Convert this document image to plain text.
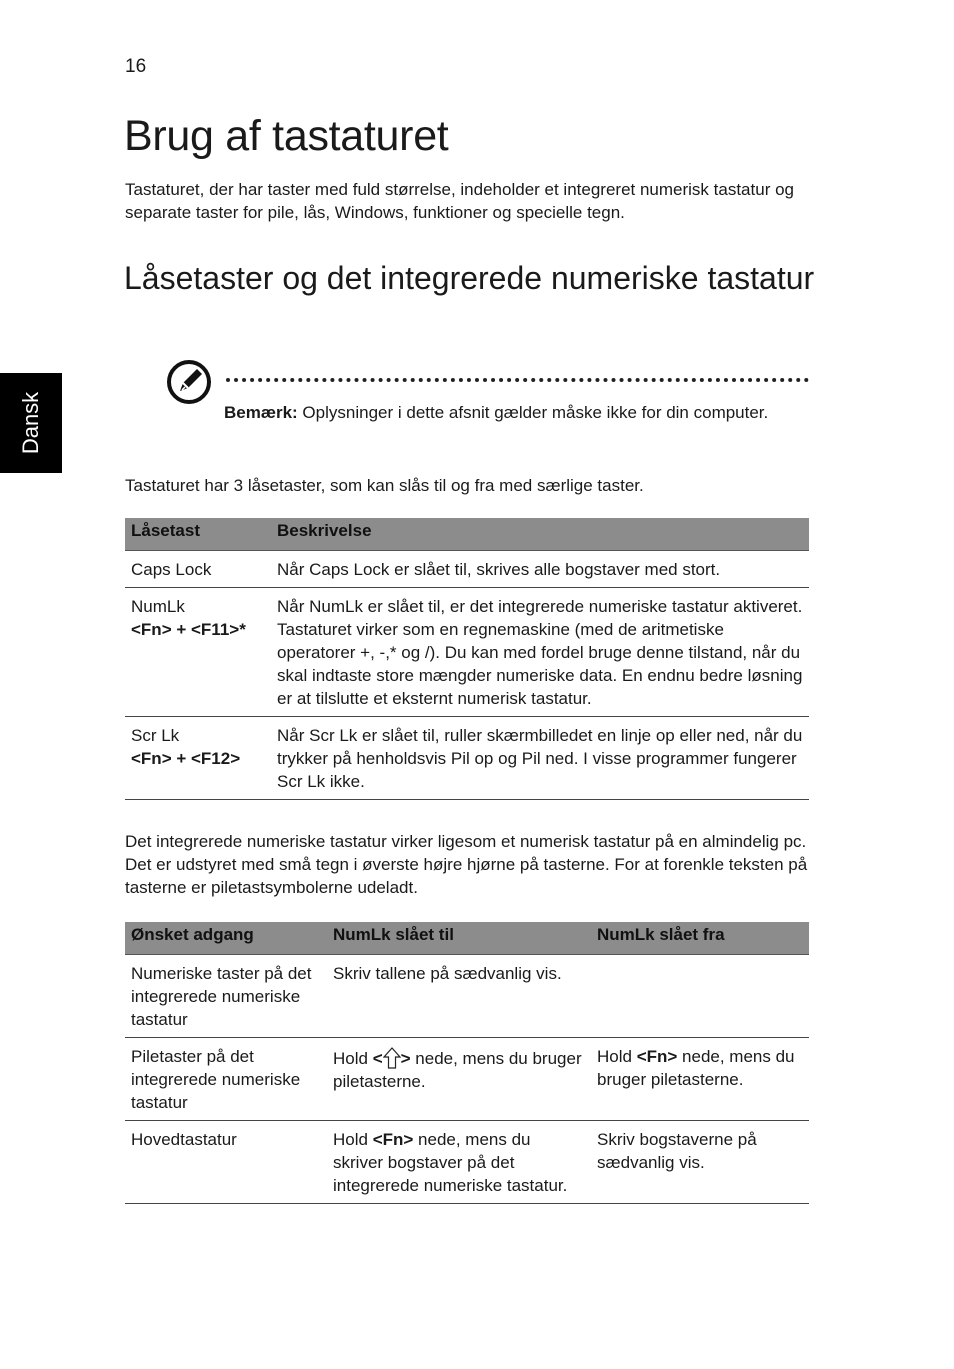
16
Dansk
Brug af tastaturet

Tastaturet, der har taster med fuld størrelse, indeholder et integreret numerisk tastatur og separate taster for pile, lås, Windows, funktioner og specielle tegn.

Låsetaster og det integrerede numeriske tastatur

Bemærk: Oplysninger i dette afsnit gælder måske ikke for din computer.

Tastaturet har 3 låsetaster, som kan slås til og fra med særlige taster.

Låsetast	Beskrivelse
Caps Lock	Når Caps Lock er slået til, skrives alle bogstaver med stort.
NumLk
<Fn> + <F11>*	Når NumLk er slået til, er det integrerede numeriske tastatur aktiveret. Tastaturet virker som en regnemaskine (med de aritmetiske operatorer +, -,* og /). Du kan med fordel bruge denne tilstand, når du skal indtaste store mængder numeriske data. En endnu bedre løsning er at tilslutte et eksternt numerisk tastatur.
Scr Lk
<Fn> + <F12>	Når Scr Lk er slået til, ruller skærmbilledet en linje op eller ned, når du trykker på henholdsvis Pil op og Pil ned. I visse programmer fungerer Scr Lk ikke.

Det integrerede numeriske tastatur virker ligesom et numerisk tastatur på en almindelig pc. Det er udstyret med små tegn i øverste højre hjørne på tasterne. For at forenkle teksten på tasterne er piletastsymbolerne udeladt.

Ønsket adgang	NumLk slået til	NumLk slået fra
Numeriske taster på det integrerede numeriske tastatur	Skriv tallene på sædvanlig vis.	
Piletaster på det integrerede numeriske tastatur	Hold < > nede, mens du bruger piletasterne.	Hold <Fn> nede, mens du bruger piletasterne.
Hovedtastatur	Hold <Fn> nede, mens du skriver bogstaver på det integrerede numeriske tastatur.	Skriv bogstaverne på sædvanlig vis.
